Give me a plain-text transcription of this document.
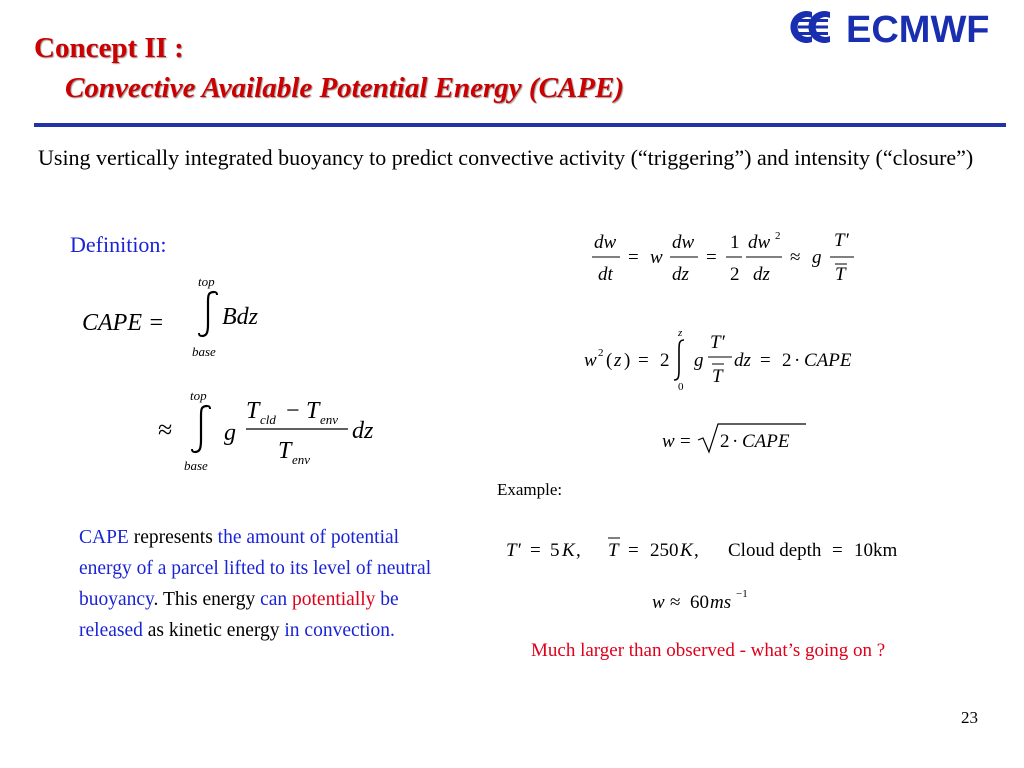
Concept II :
Convective Available Potential Energy (CAPE)
ECMWF
Using vertically integrated buoyancy to predict convective activity (“triggering”) and intensity (“closure”)
Definition:
CAPE =
top
Bdz
base
≈
top
base
g
T cld − T env
T env
dz
dw
dt
= w
dw
dz
=
1
2
dw 2
dz
≈ g
T′
T
w 2 ( z ) = 2
z
0
g
T′
T
dz = 2 · CAPE
w = 2 · CAPE
CAPE represents the amount of potential energy of a parcel lifted to its level of neutral buoyancy. This energy can potentially be released as kinetic energy in convection.
Example:
T′ = 5 K , T = 250 K , Cloud depth = 10km
w ≈ 60 ms −1
Much larger than observed - what’s going on ?
23
